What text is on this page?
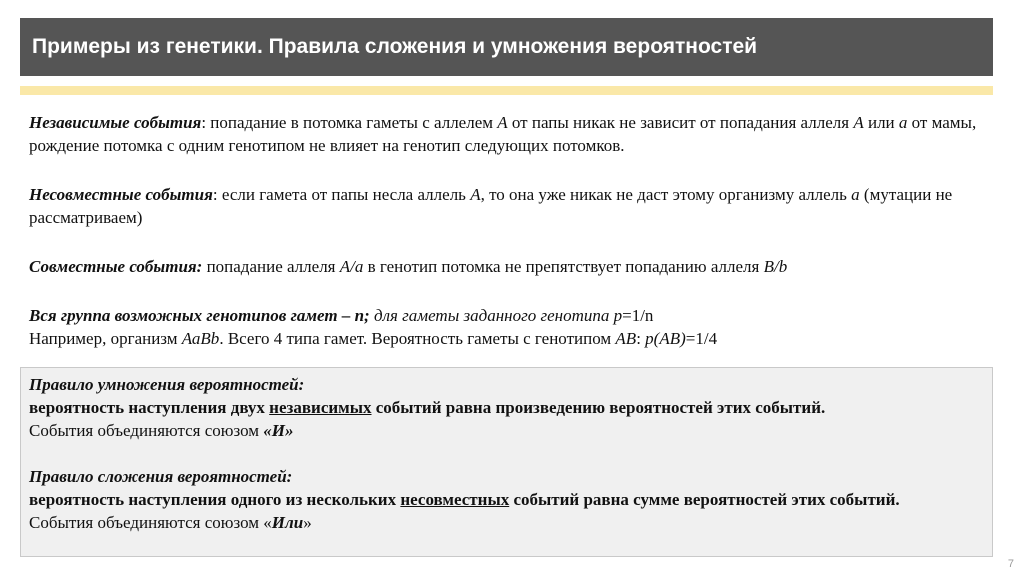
Примеры из генетики. Правила сложения и умножения вероятностей

Независимые события: попадание в потомка гаметы с аллелем А от папы никак не зависит от попадания аллеля А или а от мамы, рождение потомка с одним генотипом не влияет на генотип следующих потомков.

Несовместные события: если гамета от папы несла аллель А, то она уже никак не даст этому организму аллель а (мутации не рассматриваем)

Совместные события: попадание аллеля А/а в генотип потомка не препятствует попаданию аллеля В/b

Вся группа возможных генотипов гамет – n; для гаметы заданного генотипа р=1/n
Например, организм АаВb. Всего 4 типа гамет. Вероятность гаметы с генотипом АВ: р(АВ)=1/4

Правило умножения вероятностей:
вероятность наступления двух независимых событий равна произведению вероятностей этих событий.
События объединяются союзом «И»
Правило сложения вероятностей:
вероятность наступления одного из нескольких несовместных событий равна сумме вероятностей этих событий.
События объединяются союзом «Или»
7
